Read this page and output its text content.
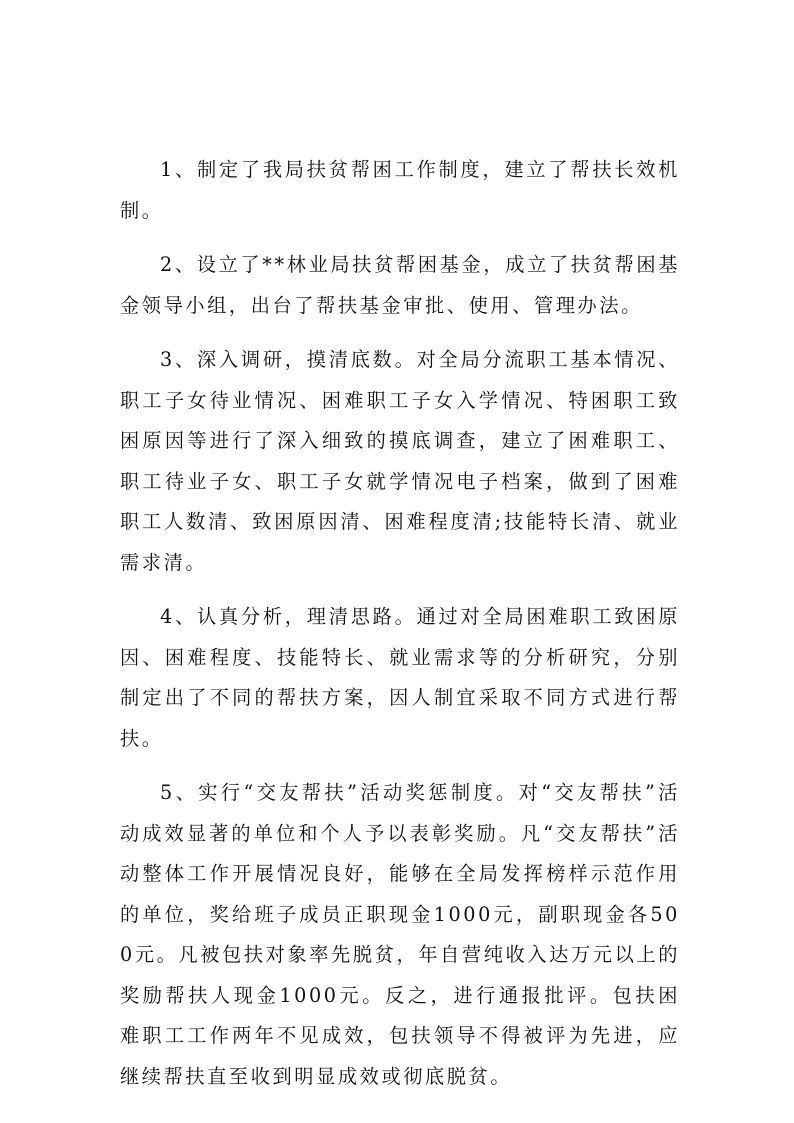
1、制定了我局扶贫帮困工作制度，建立了帮扶长效机制。

2、设立了**林业局扶贫帮困基金，成立了扶贫帮困基金领导小组，出台了帮扶基金审批、使用、管理办法。

3、深入调研，摸清底数。对全局分流职工基本情况、职工子女待业情况、困难职工子女入学情况、特困职工致困原因等进行了深入细致的摸底调查，建立了困难职工、职工待业子女、职工子女就学情况电子档案，做到了困难职工人数清、致困原因清、困难程度清;技能特长清、就业需求清。

4、认真分析，理清思路。通过对全局困难职工致困原因、困难程度、技能特长、就业需求等的分析研究，分别制定出了不同的帮扶方案，因人制宜采取不同方式进行帮扶。

5、实行“交友帮扶”活动奖惩制度。对“交友帮扶”活动成效显著的单位和个人予以表彰奖励。凡“交友帮扶”活动整体工作开展情况良好，能够在全局发挥榜样示范作用的单位，奖给班子成员正职现金1000元，副职现金各500元。凡被包扶对象率先脱贫，年自营纯收入达万元以上的奖励帮扶人现金1000元。反之，进行通报批评。包扶困难职工工作两年不见成效，包扶领导不得被评为先进，应继续帮扶直至收到明显成效或彻底脱贫。
